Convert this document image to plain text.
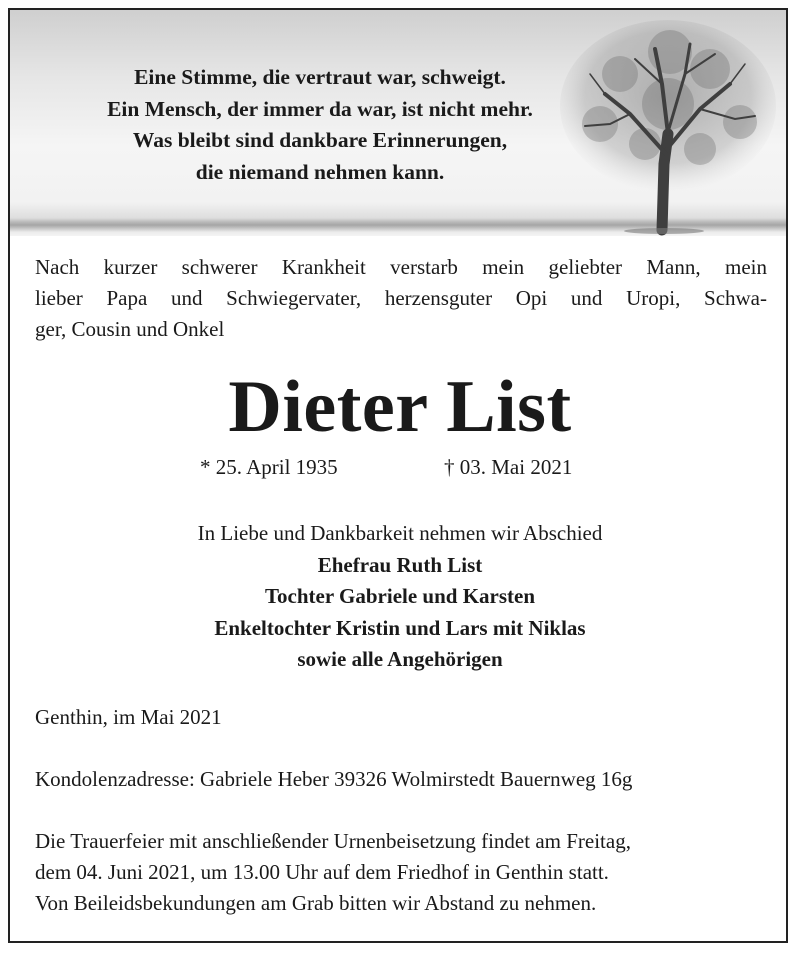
Eine Stimme, die vertraut war, schweigt.
Ein Mensch, der immer da war, ist nicht mehr.
Was bleibt sind dankbare Erinnerungen,
die niemand nehmen kann.
Nach kurzer schwerer Krankheit verstarb mein geliebter Mann, mein
lieber Papa und Schwiegervater, herzensguter Opi und Uropi, Schwa-
ger, Cousin und Onkel
Dieter List
* 25. April 1935	† 03. Mai 2021
In Liebe und Dankbarkeit nehmen wir Abschied
Ehefrau Ruth List
Tochter Gabriele und Karsten
Enkeltochter Kristin und Lars mit Niklas
sowie alle Angehörigen
Genthin, im Mai 2021
Kondolenzadresse: Gabriele Heber 39326 Wolmirstedt Bauernweg 16g
Die Trauerfeier mit anschließender Urnenbeisetzung findet am Freitag,
dem 04. Juni 2021, um 13.00 Uhr auf dem Friedhof in Genthin statt.
Von Beileidsbekundungen am Grab bitten wir Abstand zu nehmen.
